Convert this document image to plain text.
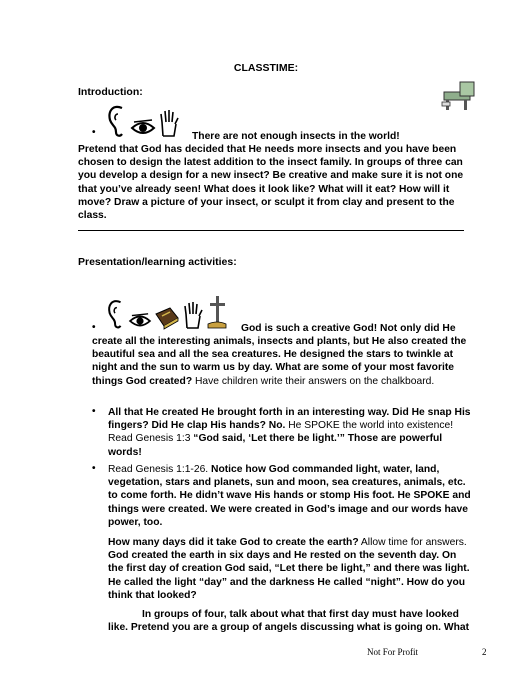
CLASSTIME:
Introduction:
•	There are not enough insects in the world!
Pretend that God has decided that He needs more insects and you have been chosen to design the latest addition to the insect family. In groups of three can you develop a design for a new insect? Be creative and make sure it is not one that you’ve already seen! What does it look like? What will it eat? How will it move? Draw a picture of your insect, or sculpt it from clay and present to the class.
Presentation/learning activities:
•	God is such a creative God! Not only did He
create all the interesting animals, insects and plants, but He also created the beautiful sea and all the sea creatures. He designed the stars to twinkle at night and the sun to warm us by day. What are some of your most favorite things God created? Have children write their answers on the chalkboard.
• All that He created He brought forth in an interesting way. Did He snap His fingers? Did He clap His hands? No. He SPOKE the world into existence! Read Genesis 1:3 “God said, ‘Let there be light.’” Those are powerful words!
• Read Genesis 1:1-26. Notice how God commanded light, water, land, vegetation, stars and planets, sun and moon, sea creatures, animals, etc. to come forth. He didn’t wave His hands or stomp His foot. He SPOKE and things were created. We were created in God’s image and our words have power, too.
How many days did it take God to create the earth? Allow time for answers. God created the earth in six days and He rested on the seventh day. On the first day of creation God said, “Let there be light,” and there was light. He called the light “day” and the darkness He called “night”. How do you think that looked?
In groups of four, talk about what that first day must have looked like. Pretend you are a group of angels discussing what is going on. What
Not For Profit	2
